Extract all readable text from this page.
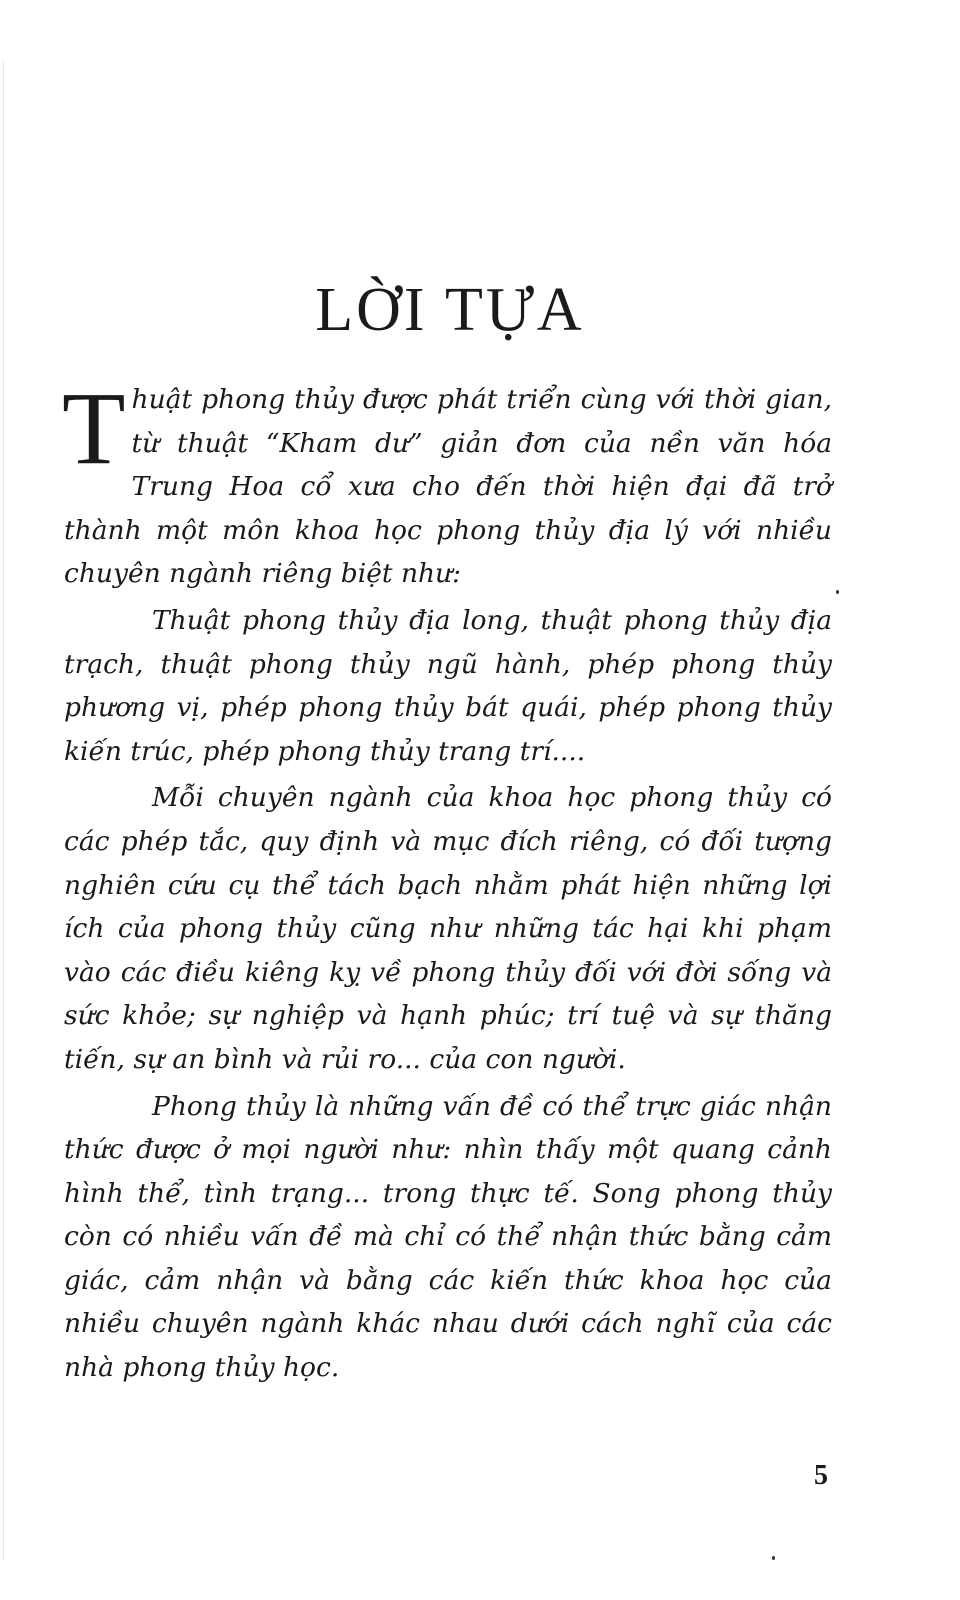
LỜI TỰA

Thuật phong thủy được phát triển cùng với thời gian, từ thuật “Kham dư” giản đơn của nền văn hóa Trung Hoa cổ xưa cho đến thời hiện đại đã trở thành một môn khoa học phong thủy địa lý với nhiều chuyên ngành riêng biệt như:

Thuật phong thủy địa long, thuật phong thủy địa trạch, thuật phong thủy ngũ hành, phép phong thủy phương vị, phép phong thủy bát quái, phép phong thủy kiến trúc, phép phong thủy trang trí....

Mỗi chuyên ngành của khoa học phong thủy có các phép tắc, quy định và mục đích riêng, có đối tượng nghiên cứu cụ thể tách bạch nhằm phát hiện những lợi ích của phong thủy cũng như những tác hại khi phạm vào các điều kiêng kỵ về phong thủy đối với đời sống và sức khỏe; sự nghiệp và hạnh phúc; trí tuệ và sự thăng tiến, sự an bình và rủi ro... của con người.

Phong thủy là những vấn đề có thể trực giác nhận thức được ở mọi người như: nhìn thấy một quang cảnh hình thể, tình trạng... trong thực tế. Song phong thủy còn có nhiều vấn đề mà chỉ có thể nhận thức bằng cảm giác, cảm nhận và bằng các kiến thức khoa học của nhiều chuyên ngành khác nhau dưới cách nghĩ của các nhà phong thủy học.

5
